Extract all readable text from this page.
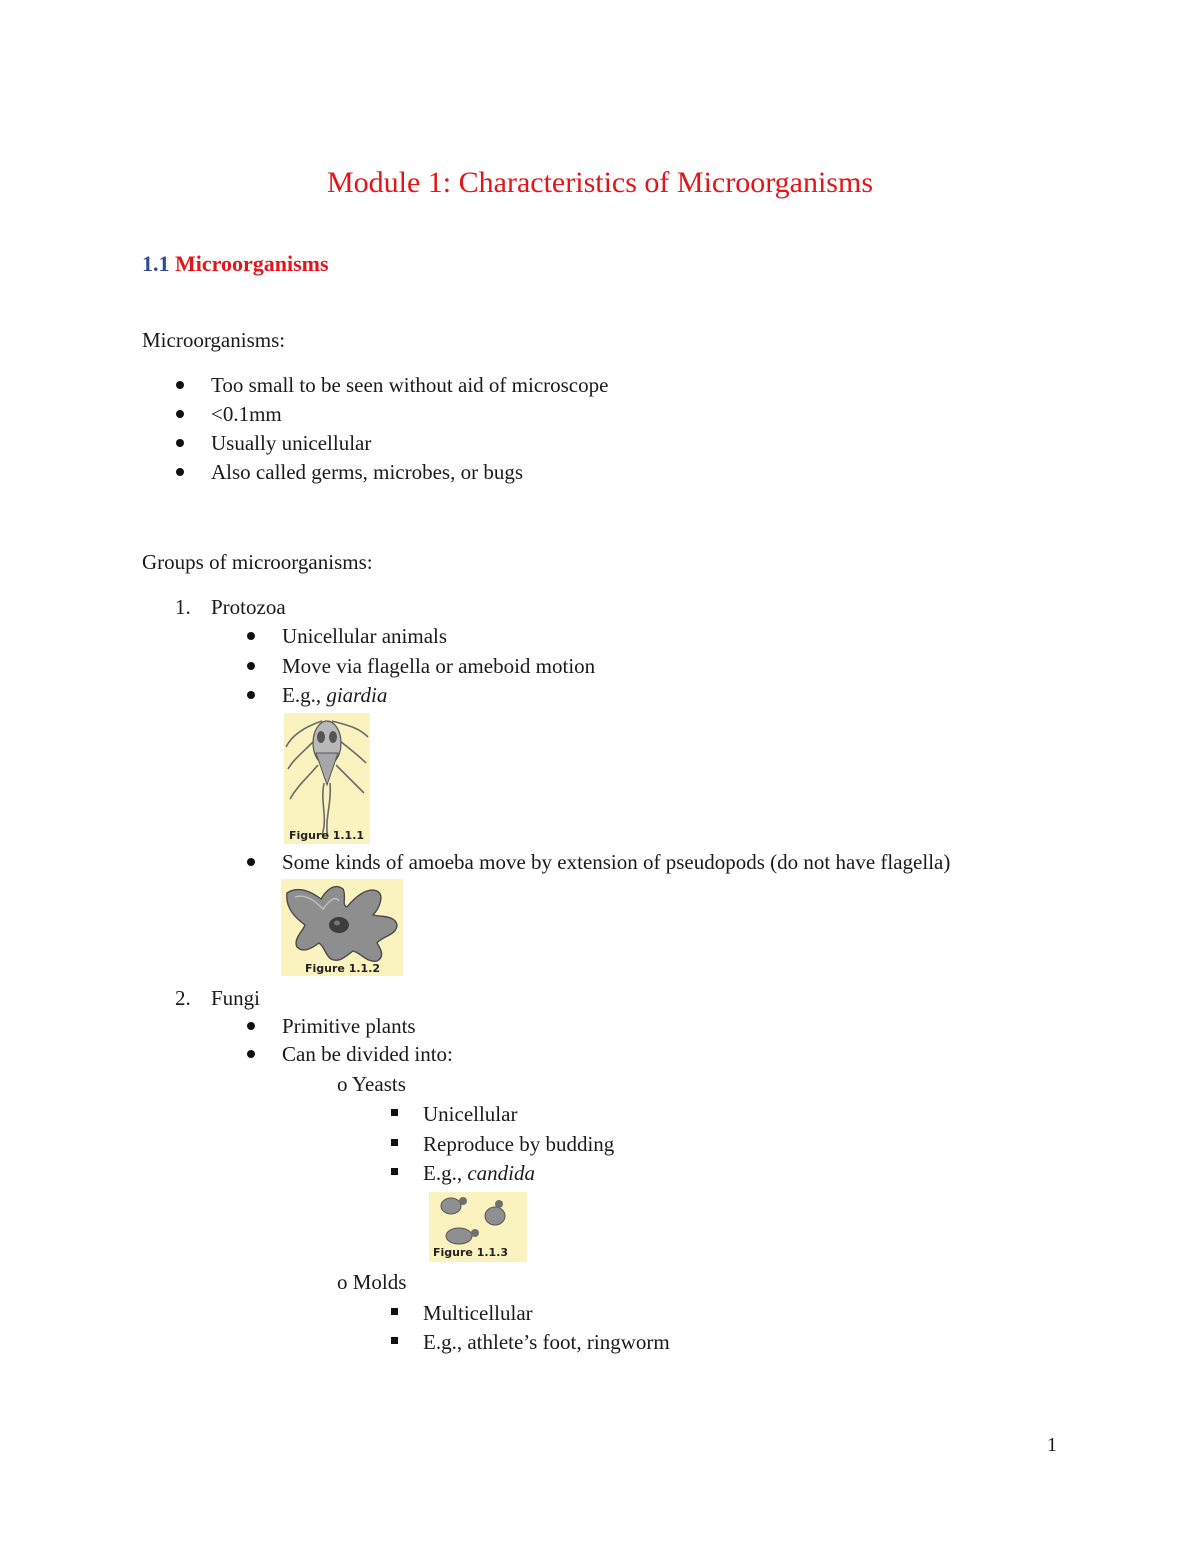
Module 1: Characteristics of Microorganisms
1.1 Microorganisms
Microorganisms:
Too small to be seen without aid of microscope
<0.1mm
Usually unicellular
Also called germs, microbes, or bugs
Groups of microorganisms:
1. Protozoa
Unicellular animals
Move via flagella or ameboid motion
E.g., giardia
Figure 1.1.1
Some kinds of amoeba move by extension of pseudopods (do not have flagella)
Figure 1.1.2
2. Fungi
Primitive plants
Can be divided into:
o Yeasts
Unicellular
Reproduce by budding
E.g., candida
Figure 1.1.3
o Molds
Multicellular
E.g., athlete’s foot, ringworm
1
